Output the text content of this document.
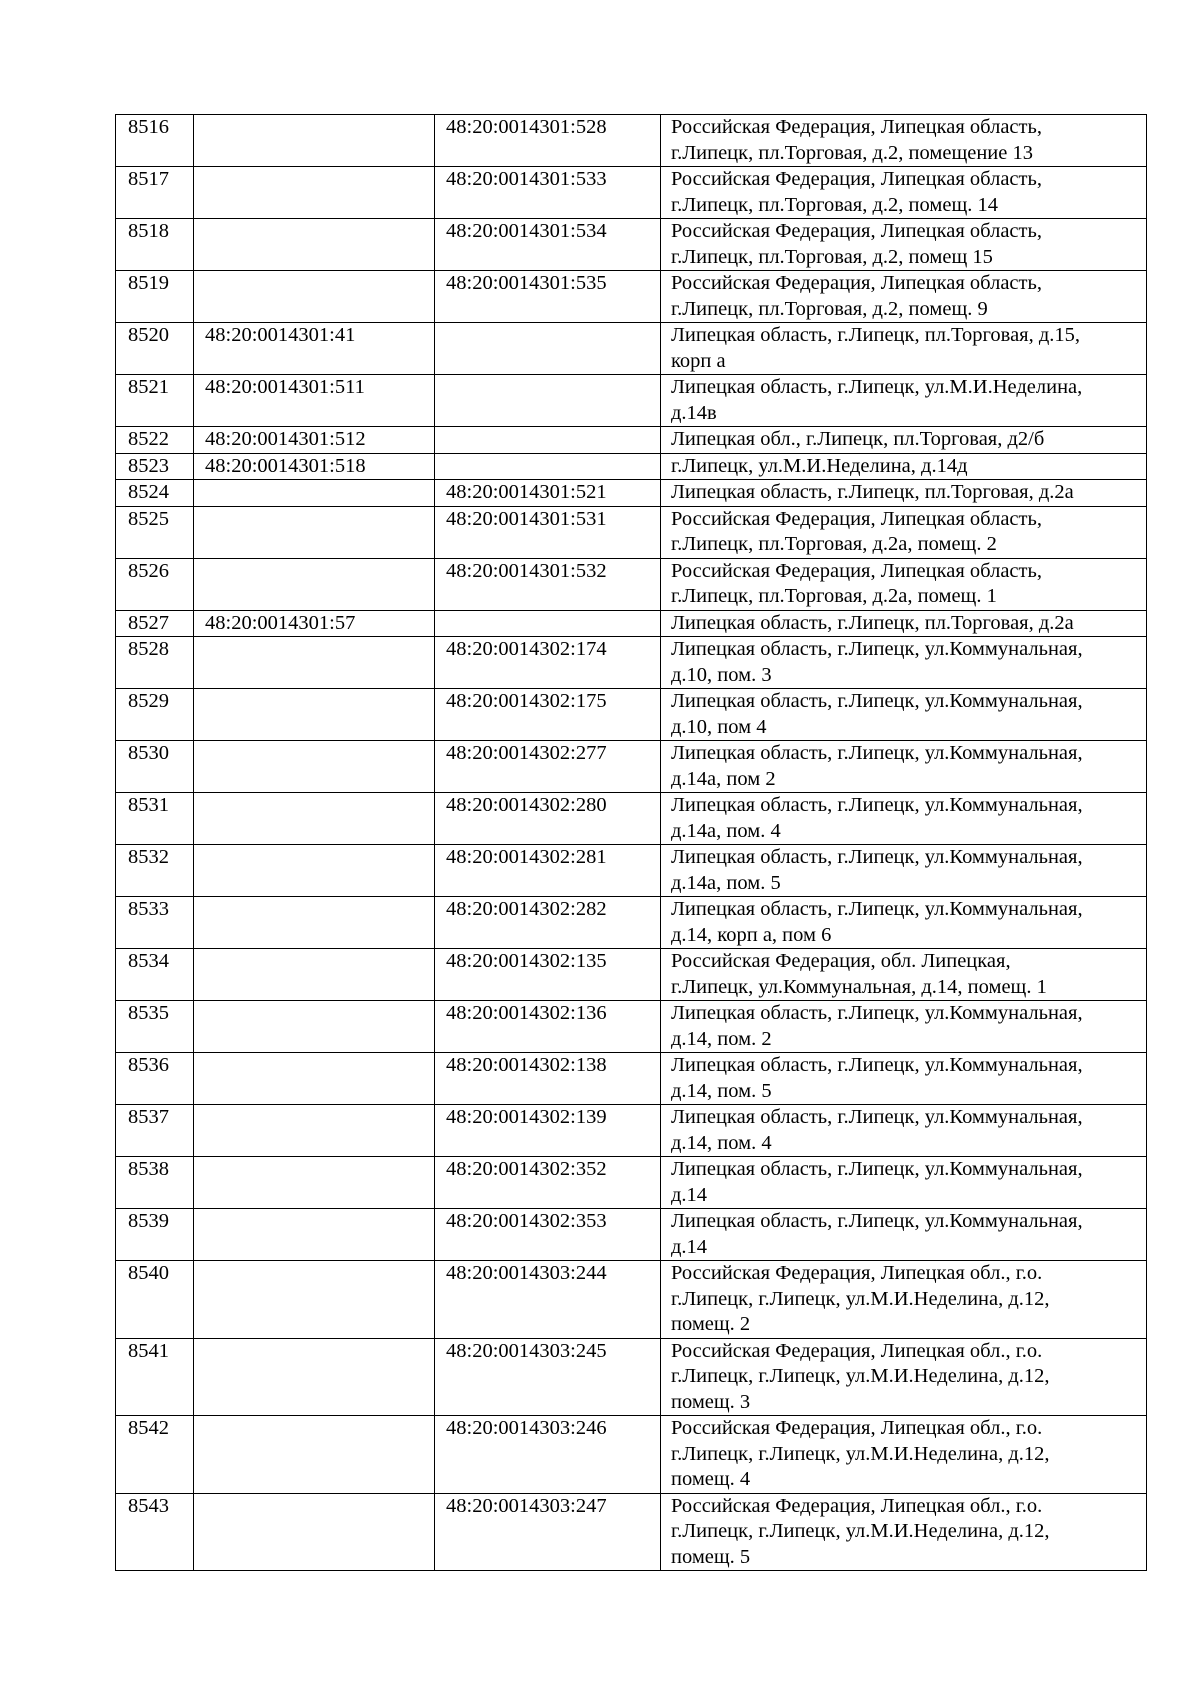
8516		48:20:0014301:528	Российская Федерация, Липецкая область,
г.Липецк, пл.Торговая, д.2, помещение 13
8517		48:20:0014301:533	Российская Федерация, Липецкая область,
г.Липецк, пл.Торговая, д.2, помещ. 14
8518		48:20:0014301:534	Российская Федерация, Липецкая область,
г.Липецк, пл.Торговая, д.2, помещ 15
8519		48:20:0014301:535	Российская Федерация, Липецкая область,
г.Липецк, пл.Торговая, д.2, помещ. 9
8520	48:20:0014301:41		Липецкая область, г.Липецк, пл.Торговая, д.15,
корп а
8521	48:20:0014301:511		Липецкая область, г.Липецк, ул.М.И.Неделина,
д.14в
8522	48:20:0014301:512		Липецкая обл., г.Липецк, пл.Торговая, д2/б
8523	48:20:0014301:518		г.Липецк, ул.М.И.Неделина, д.14д
8524		48:20:0014301:521	Липецкая область, г.Липецк, пл.Торговая, д.2а
8525		48:20:0014301:531	Российская Федерация, Липецкая область,
г.Липецк, пл.Торговая, д.2а, помещ. 2
8526		48:20:0014301:532	Российская Федерация, Липецкая область,
г.Липецк, пл.Торговая, д.2а, помещ. 1
8527	48:20:0014301:57		Липецкая область, г.Липецк, пл.Торговая, д.2а
8528		48:20:0014302:174	Липецкая область, г.Липецк, ул.Коммунальная,
д.10, пом. 3
8529		48:20:0014302:175	Липецкая область, г.Липецк, ул.Коммунальная,
д.10, пом 4
8530		48:20:0014302:277	Липецкая область, г.Липецк, ул.Коммунальная,
д.14а, пом 2
8531		48:20:0014302:280	Липецкая область, г.Липецк, ул.Коммунальная,
д.14а, пом. 4
8532		48:20:0014302:281	Липецкая область, г.Липецк, ул.Коммунальная,
д.14а, пом. 5
8533		48:20:0014302:282	Липецкая область, г.Липецк, ул.Коммунальная,
д.14, корп а, пом 6
8534		48:20:0014302:135	Российская Федерация, обл. Липецкая,
г.Липецк, ул.Коммунальная, д.14, помещ. 1
8535		48:20:0014302:136	Липецкая область, г.Липецк, ул.Коммунальная,
д.14, пом. 2
8536		48:20:0014302:138	Липецкая область, г.Липецк, ул.Коммунальная,
д.14, пом. 5
8537		48:20:0014302:139	Липецкая область, г.Липецк, ул.Коммунальная,
д.14, пом. 4
8538		48:20:0014302:352	Липецкая область, г.Липецк, ул.Коммунальная,
д.14
8539		48:20:0014302:353	Липецкая область, г.Липецк, ул.Коммунальная,
д.14
8540		48:20:0014303:244	Российская Федерация, Липецкая обл., г.о.
г.Липецк, г.Липецк, ул.М.И.Неделина, д.12,
помещ. 2
8541		48:20:0014303:245	Российская Федерация, Липецкая обл., г.о.
г.Липецк, г.Липецк, ул.М.И.Неделина, д.12,
помещ. 3
8542		48:20:0014303:246	Российская Федерация, Липецкая обл., г.о.
г.Липецк, г.Липецк, ул.М.И.Неделина, д.12,
помещ. 4
8543		48:20:0014303:247	Российская Федерация, Липецкая обл., г.о.
г.Липецк, г.Липецк, ул.М.И.Неделина, д.12,
помещ. 5
